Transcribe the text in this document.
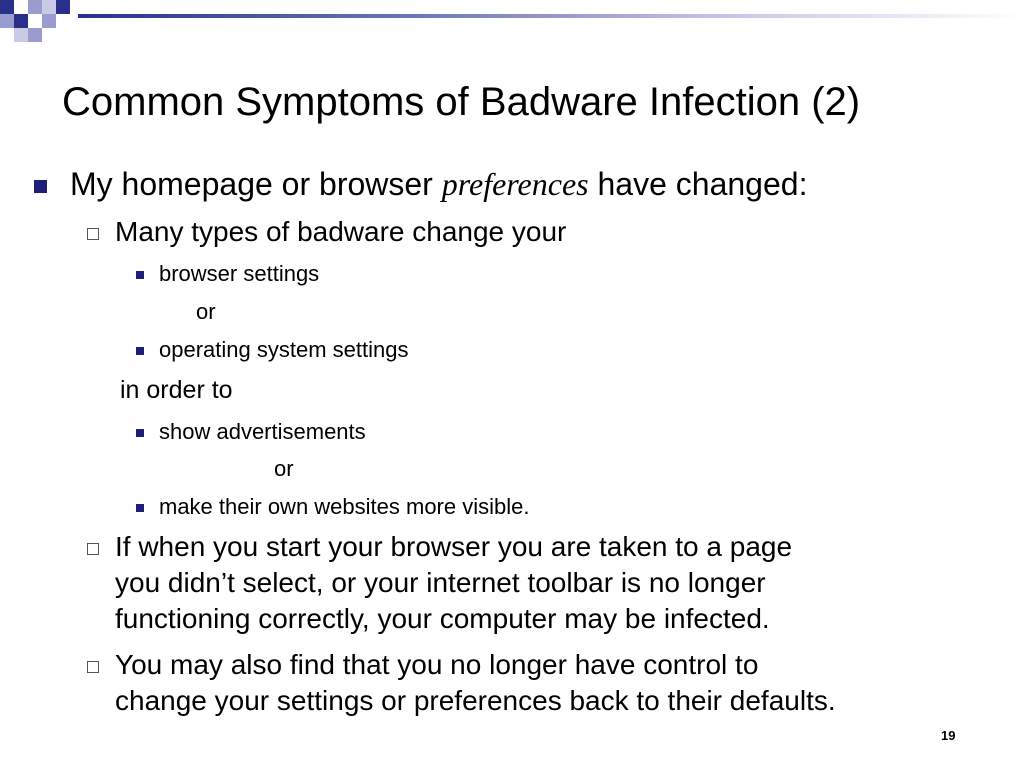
Common Symptoms of Badware Infection (2)
My homepage or browser preferences have changed:
Many types of badware change your
browser settings
or
operating system settings
in order to
show advertisements
or
make their own websites more visible.
If when you start your browser you are taken to a page
you didn’t select, or your internet toolbar is no longer
functioning correctly, your computer may be infected.
You may also find that you no longer have control to
change your settings or preferences back to their defaults.
19
